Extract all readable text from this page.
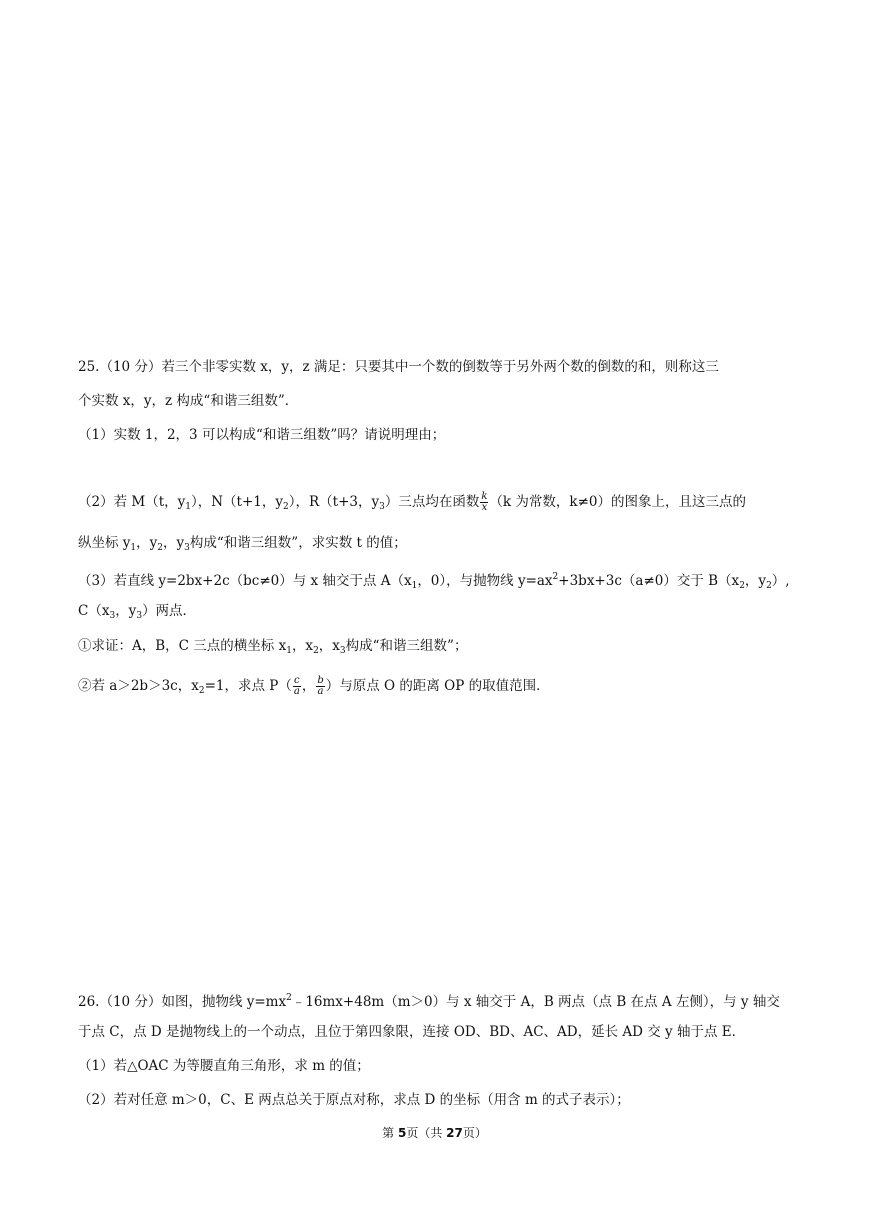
25.（10 分）若三个非零实数 x，y，z 满足：只要其中一个数的倒数等于另外两个数的倒数的和，则称这三
个实数 x，y，z 构成“和谐三组数”．
（1）实数 1，2，3 可以构成“和谐三组数”吗？请说明理由；
（2）若 M（t，$y_1$），N（t+1，$y_2$），R（t+3，$y_3$）三点均在函数 $\frac{k}{x} (k$ 为常数，k≠0）的图象上，且这三点的
纵坐标 $y_1$，$y_2$，$y_3$构成“和谐三组数”，求实数 t 的值；
（3）若直线 y=2bx+2c（bc≠0）与 x 轴交于点 $A(x_1$，0），与抛物线 $y=ax^2+3bx+3c(a\ne 0)$交于 $B(x_2$，$y_2$）,
$C(x_3$，$y_3$）两点．
①求证：A，B，C 三点的横坐标 $x_1$，$x_2$，$x_3$构成“和谐三组数”；
②若 a＞2b＞3c，$x_2=1$，求点 $P( \frac{c}{a}$ ， $\frac{b}{a}$ ）与原点 O 的距离 OP 的取值范围．
26.（10 分）如图，抛物线 $y=mx^2﹣16mx+48m(m>0)$与 x 轴交于 A，B 两点（点 B 在点 A 左侧），与 y 轴交
于点 C，点 D 是抛物线上的一个动点，且位于第四象限，连接 OD、BD、AC、AD，延长 AD 交 y 轴于点 E．
（1）若△OAC 为等腰直角三角形，求 m 的值；
（2）若对任意 m＞0，C、E 两点总关于原点对称，求点 D 的坐标（用含 m 的式子表示）；
第 5页（共 27页）
